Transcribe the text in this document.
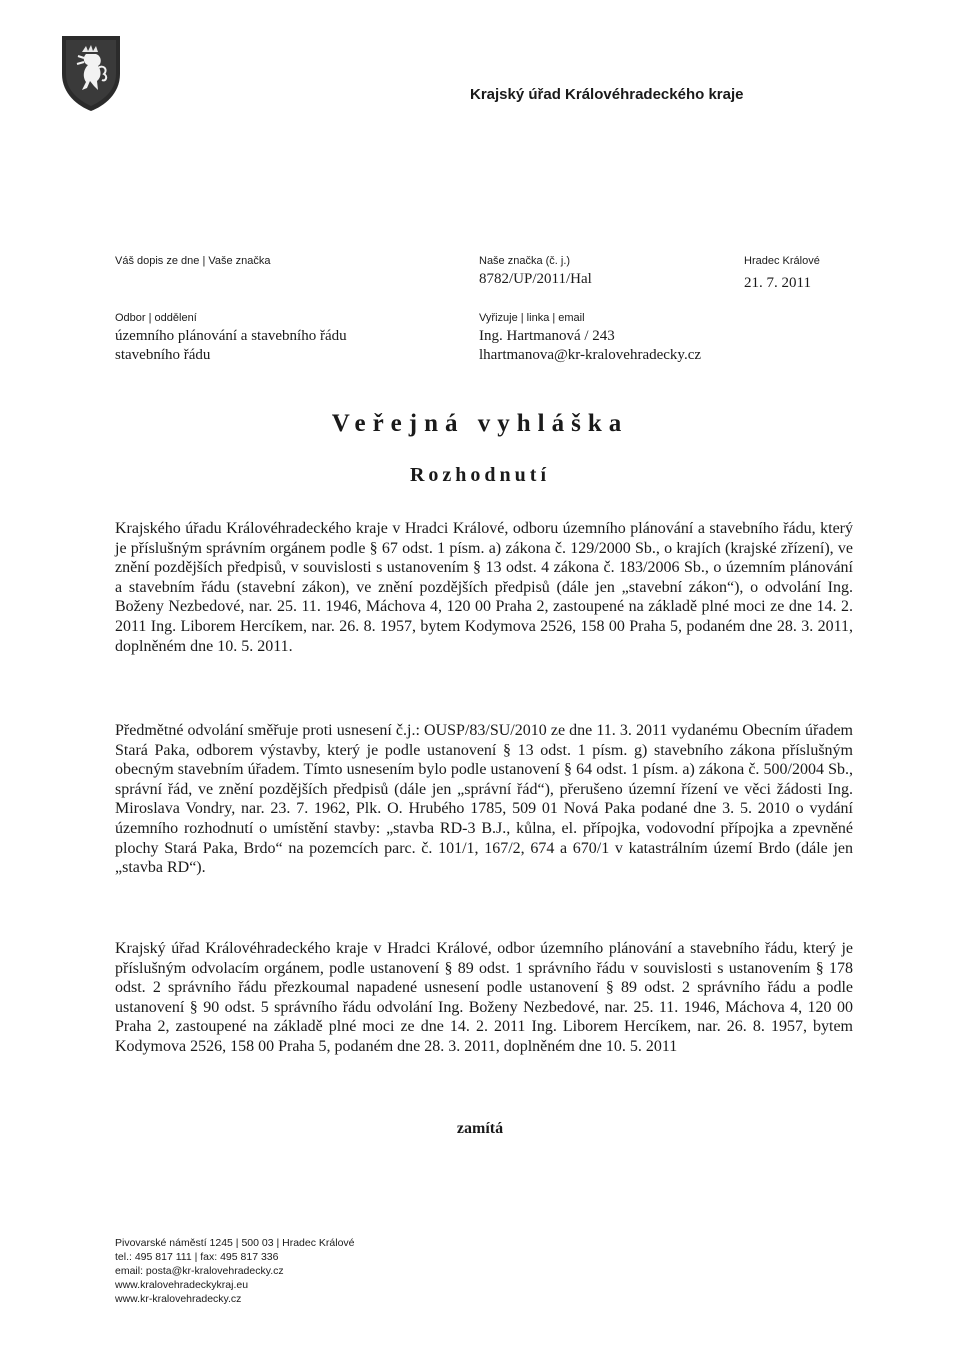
Krajský úřad Královéhradeckého kraje
Váš dopis ze dne | Vaše značka	Naše značka (č. j.)
8782/UP/2011/Hal
Hradec Králové
21. 7. 2011
Odbor | oddělení
územního plánování a stavebního řádu
stavebního řádu
Vyřizuje | linka | email
Ing. Hartmanová / 243
lhartmanova@kr-kralovehradecky.cz
Veřejná vyhláška
Rozhodnutí

Krajského úřadu Královéhradeckého kraje v Hradci Králové, odboru územního plánování a stavebního řádu, který je příslušným správním orgánem podle § 67 odst. 1 písm. a) zákona č. 129/2000 Sb., o krajích (krajské zřízení), ve znění pozdějších předpisů, v souvislosti s ustanovením § 13 odst. 4 zákona č. 183/2006 Sb., o územním plánování a stavebním řádu (stavební zákon), ve znění pozdějších předpisů (dále jen „stavební zákon“), o odvolání Ing. Boženy Nezbedové, nar. 25. 11. 1946, Máchova 4, 120 00 Praha 2, zastoupené na základě plné moci ze dne 14. 2. 2011 Ing. Liborem Hercíkem, nar. 26. 8. 1957, bytem Kodymova 2526, 158 00 Praha 5, podaném dne 28. 3. 2011, doplněném dne 10. 5. 2011.

Předmětné odvolání směřuje proti usnesení č.j.: OUSP/83/SU/2010 ze dne 11. 3. 2011 vydanému Obecním úřadem Stará Paka, odborem výstavby, který je podle ustanovení § 13 odst. 1 písm. g) stavebního zákona příslušným obecným stavebním úřadem. Tímto usnesením bylo podle ustanovení § 64 odst. 1 písm. a) zákona č. 500/2004 Sb., správní řád, ve znění pozdějších předpisů (dále jen „správní řád“), přerušeno územní řízení ve věci žádosti Ing. Miroslava Vondry, nar. 23. 7. 1962, Plk. O. Hrubého 1785, 509 01 Nová Paka podané dne 3. 5. 2010 o vydání územního rozhodnutí o umístění stavby: „stavba RD-3 B.J., kůlna, el. přípojka, vodovodní přípojka a zpevněné plochy Stará Paka, Brdo“ na pozemcích parc. č. 101/1, 167/2, 674 a 670/1 v katastrálním území Brdo (dále jen „stavba RD“).

Krajský úřad Královéhradeckého kraje v Hradci Králové, odbor územního plánování a stavebního řádu, který je příslušným odvolacím orgánem, podle ustanovení § 89 odst. 1 správního řádu v souvislosti s ustanovením § 178 odst. 2 správního řádu přezkoumal napadené usnesení podle ustanovení § 89 odst. 2 správního řádu a podle ustanovení § 90 odst. 5 správního řádu odvolání Ing. Boženy Nezbedové, nar. 25. 11. 1946, Máchova 4, 120 00 Praha 2, zastoupené na základě plné moci ze dne 14. 2. 2011 Ing. Liborem Hercíkem, nar. 26. 8. 1957, bytem Kodymova 2526, 158 00 Praha 5, podaném dne 28. 3. 2011, doplněném dne 10. 5. 2011

zamítá
Pivovarské náměstí 1245 | 500 03 | Hradec Králové
tel.: 495 817 111 | fax: 495 817 336
email: posta@kr-kralovehradecky.cz
www.kralovehradeckykraj.eu
www.kr-kralovehradecky.cz
